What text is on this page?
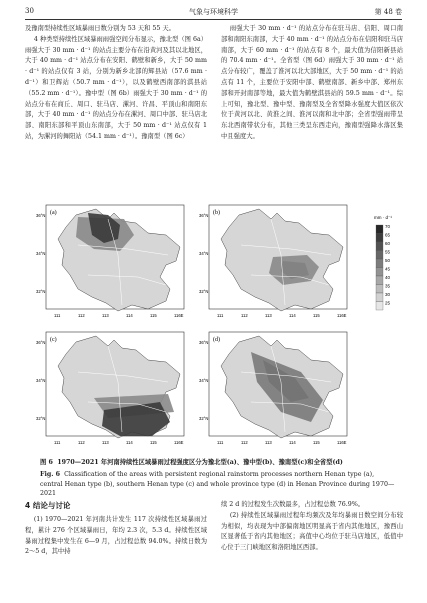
30	气象与环境科学	第 48 卷

及豫南型持续性区域暴雨日数分别为 53 天和 55 天。

4 种类型持续性区域暴雨雨强空间分布显示，豫北型（图 6a）雨强大于 30 mm · d⁻¹ 的站点主要分布在沿黄河及其以北地区，大于 40 mm · d⁻¹ 站点分布在安阳、鹤壁和新乡，大于 50 mm · d⁻¹ 的站点仅有 3 站，分别为新乡北部的辉县站（57.6 mm · d⁻¹）和卫辉站（50.7 mm · d⁻¹），以及鹤壁西南部的淇县站（55.2 mm · d⁻¹）。豫中型（图 6b）雨强大于 30 mm · d⁻¹ 的站点分布在商丘、周口、驻马店、漯河、许昌、平顶山和南阳东部，大于 40 mm · d⁻¹ 的站点分布在漯河、周口中部、驻马店北部、南阳东部和平顶山东南部，大于 50 mm · d⁻¹ 站点仅有 1 站，为漯河的舞阳站（54.1 mm · d⁻¹）。豫南型（图 6c）

雨强大于 30 mm · d⁻¹ 的站点分布在驻马店、信阳、周口南部和南阳东南部，大于 40 mm · d⁻¹ 的站点分布在信阳和驻马店南部，大于 60 mm · d⁻¹ 的站点有 8 个，最大值为信阳新县站的 70.4 mm · d⁻¹。全省型（图 6d）雨强大于 30 mm · d⁻¹ 站点分布较广，覆盖了淮河以北大部地区，大于 50 mm · d⁻¹ 的站点有 11 个，主要位于安阳中部、鹤壁南部、新乡中部、郑州东部和开封南部等地，最大值为鹤壁淇县站的 59.5 mm · d⁻¹。综上可知，豫北型、豫中型、豫南型及全省型降水强度大值区依次位于黄河以北、黄淮之间、淮河以南和北中部；全省型强雨带呈东北西南带状分布，其他三类呈东西走向，豫南型强降水落区集中且强度大。

(a)
36°N
34°N
32°N
111	112	113	114	115	116E
(b)
36°N
34°N
32°N
111	112	113	114	115	116E
70
65
60
55
50
45
40
35
30
25
mm · d⁻¹
(c)
36°N
34°N
32°N
111	112	113	114	115	116E
(d)
36°N
34°N
32°N
111	112	113	114	115	116E
图 6 1970—2021 年河南持续性区域暴雨过程强度区分为豫北型(a)、豫中型(b)、豫南型(c)和全省型(d)
Fig. 6 Classification of the areas with persistent regional rainstorm processes northern Henan type (a), central Henan type (b), southern Henan type (c) and whole province type (d) in Henan Province during 1970—2021
4 结论与讨论

(1) 1970—2021 年河南共计发生 117 次持续性区域暴雨过程，累计 276 个区域暴雨日，年均 2.3 次，5.3 d。持续性区域暴雨过程集中发生在 6—9 月，占过程总数 94.0%。持续日数为 2～5 d，其中持

续 2 d 的过程发生次数最多，占过程总数 76.9%。

(2) 持续性区域暴雨过程年均频次及年均暴雨日数空间分布较为相似，均表现为中部偏南地区明显高于省内其他地区，豫西山区显著低于省内其他地区；高值中心均位于驻马店地区，低值中心位于三门峡地区和洛阳地区西部。
